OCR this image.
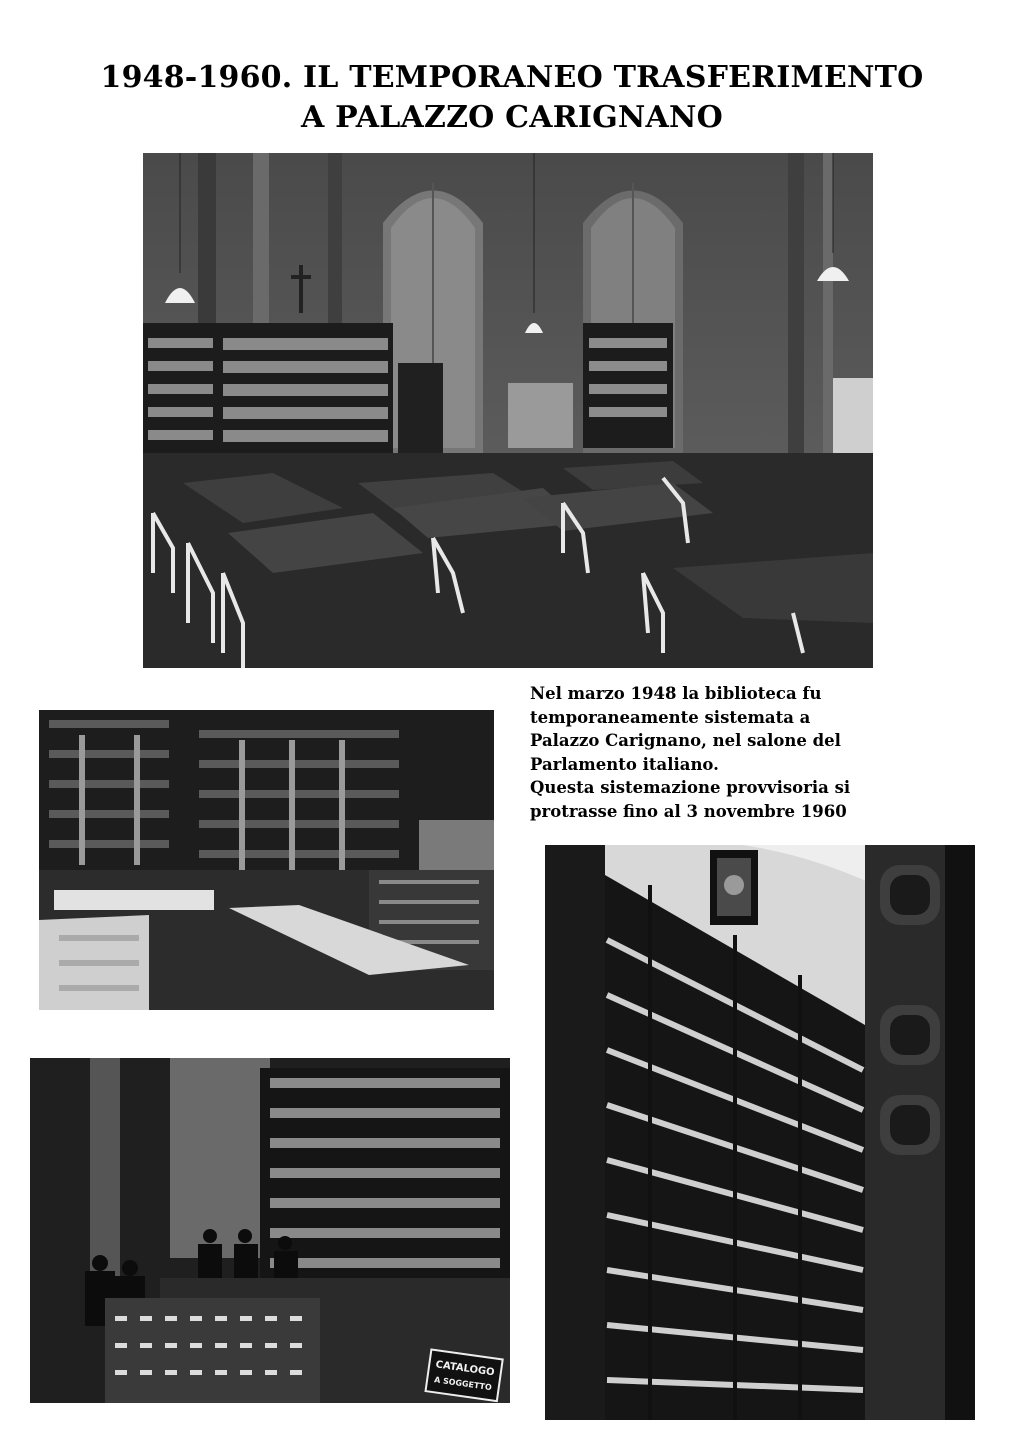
1948-1960. IL TEMPORANEO TRASFERIMENTO
A PALAZZO CARIGNANO
Nel marzo 1948 la biblioteca fu
temporaneamente sistemata a
Palazzo Carignano, nel salone del
Parlamento italiano.
Questa sistemazione provvisoria si
protrasse fino al 3 novembre 1960
CATALOGO
A SOGGETTO
